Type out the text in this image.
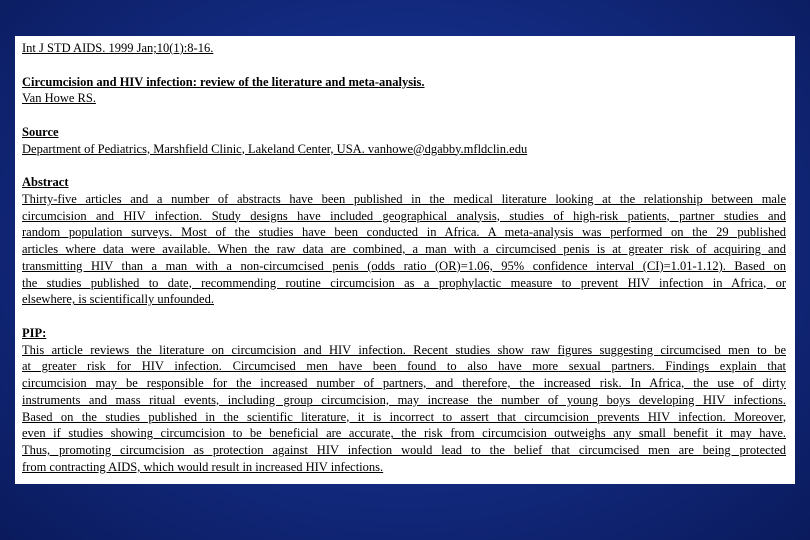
Int J STD AIDS. 1999 Jan;10(1):8-16.
Circumcision and HIV infection: review of the literature and meta-analysis.
Van Howe RS.
Source
Department of Pediatrics, Marshfield Clinic, Lakeland Center, USA. vanhowe@dgabby.mfldclin.edu
Abstract
Thirty-five articles and a number of abstracts have been published in the medical literature looking at the relationship between male
circumcision and HIV infection. Study designs have included geographical analysis, studies of high-risk patients, partner studies and
random population surveys. Most of the studies have been conducted in Africa. A meta-analysis was performed on the 29 published
articles where data were available. When the raw data are combined, a man with a circumcised penis is at greater risk of acquiring and
transmitting HIV than a man with a non-circumcised penis (odds ratio (OR)=1.06, 95% confidence interval (CI)=1.01-1.12). Based on
the studies published to date, recommending routine circumcision as a prophylactic measure to prevent HIV infection in Africa, or
elsewhere, is scientifically unfounded.
PIP:
This article reviews the literature on circumcision and HIV infection. Recent studies show raw figures suggesting circumcised men to be
at greater risk for HIV infection. Circumcised men have been found to also have more sexual partners. Findings explain that
circumcision may be responsible for the increased number of partners, and therefore, the increased risk. In Africa, the use of dirty
instruments and mass ritual events, including group circumcision, may increase the number of young boys developing HIV infections.
Based on the studies published in the scientific literature, it is incorrect to assert that circumcision prevents HIV infection. Moreover,
even if studies showing circumcision to be beneficial are accurate, the risk from circumcision outweighs any small benefit it may have.
Thus, promoting circumcision as protection against HIV infection would lead to the belief that circumcised men are being protected
from contracting AIDS, which would result in increased HIV infections.
